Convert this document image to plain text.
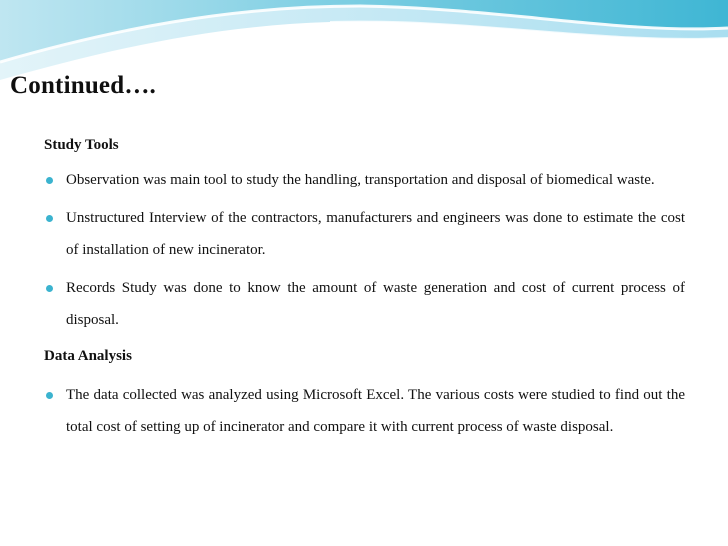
Continued….

Study Tools

Observation was main tool to study the handling, transportation and disposal of biomedical waste.
Unstructured Interview of the contractors, manufacturers and engineers was done to estimate the cost of installation of new incinerator.
Records Study was done to know the amount of waste generation and cost of current process of disposal.

Data Analysis

The data collected was analyzed using Microsoft Excel. The various costs were studied to find out the total cost of setting up of incinerator and compare it with current process of waste disposal.
